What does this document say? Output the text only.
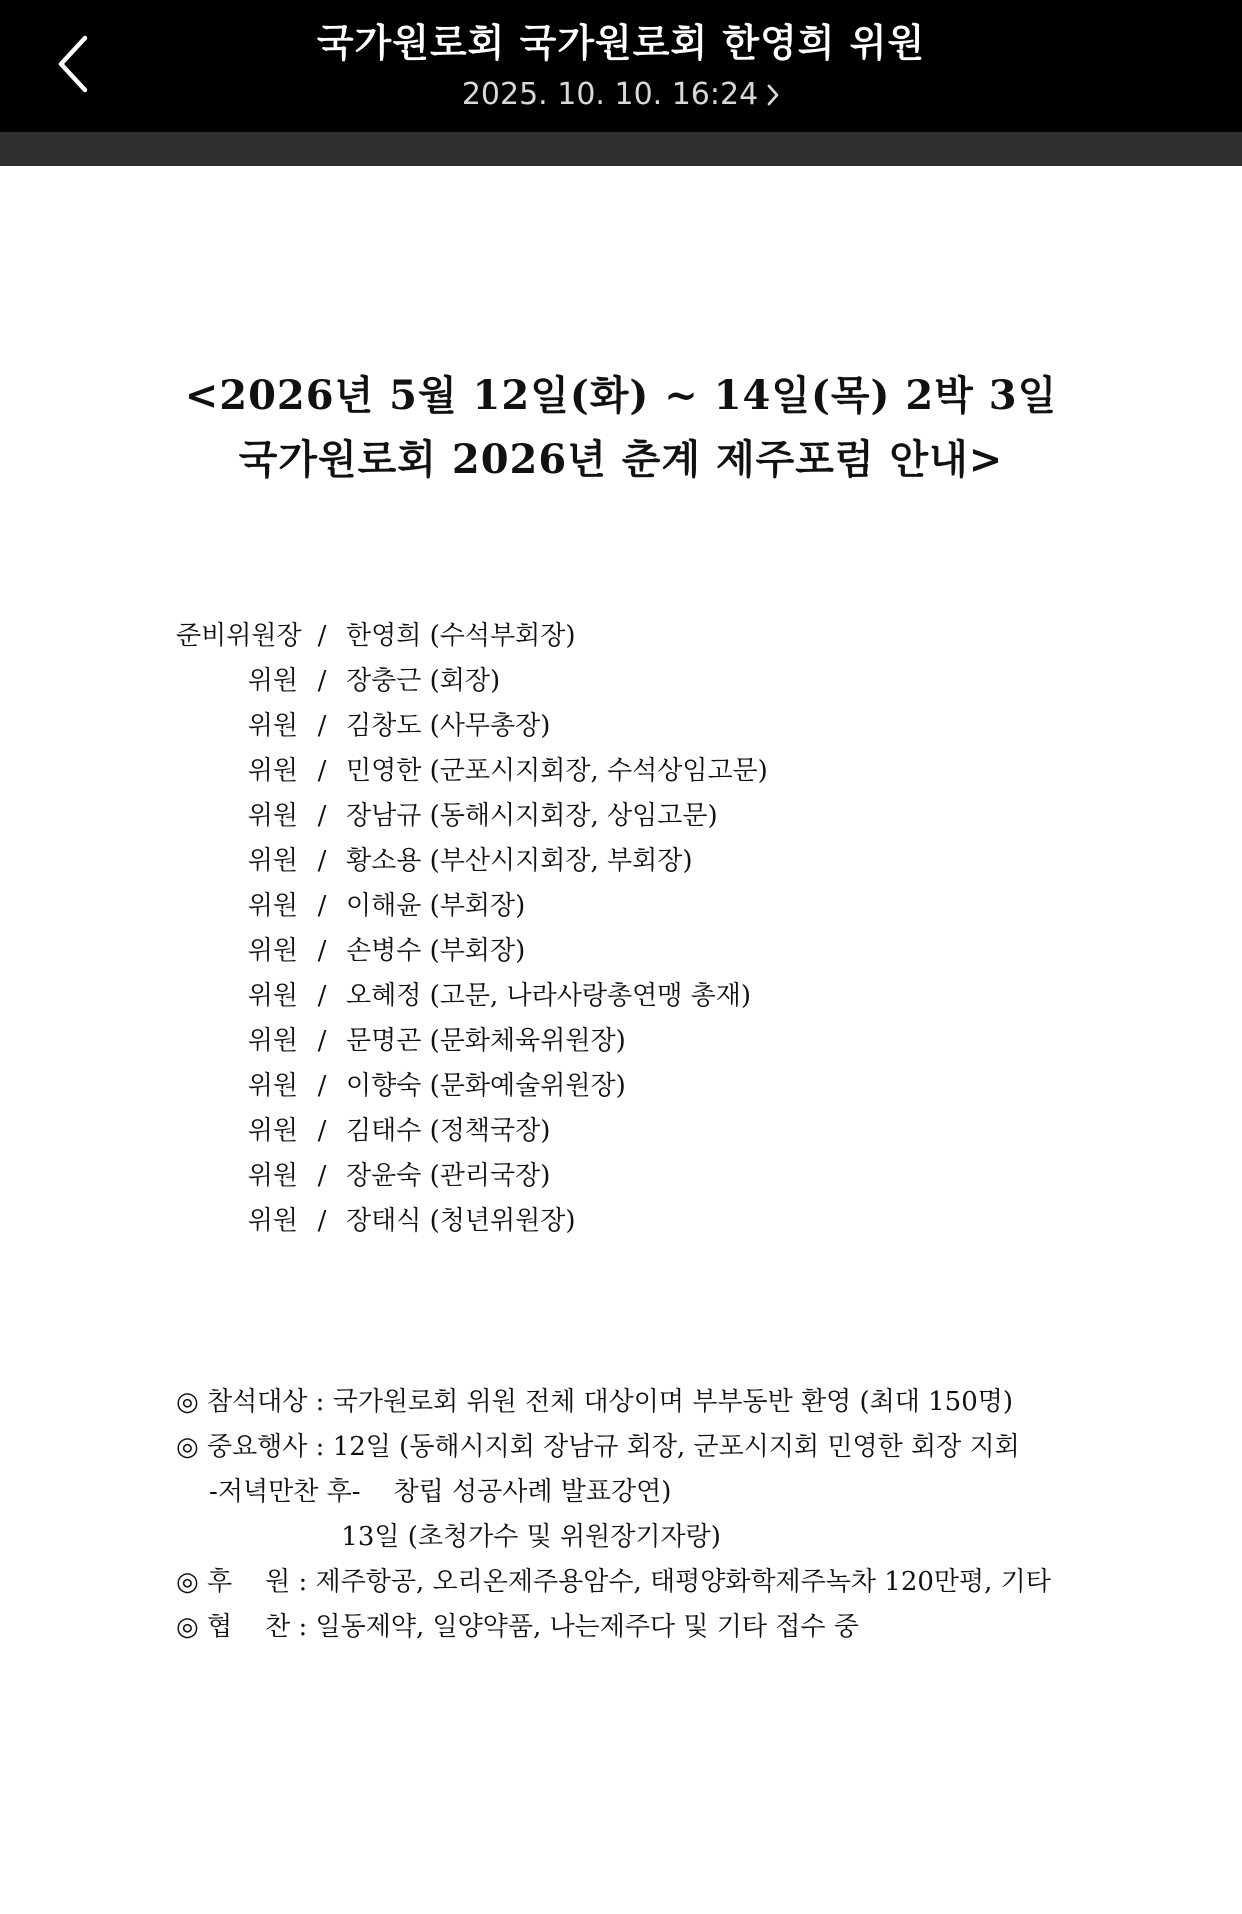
국가원로회 국가원로회 한영희 위원
2025. 10. 10. 16:24
<2026년 5월 12일(화) ~ 14일(목) 2박 3일
국가원로회 2026년 춘계 제주포럼 안내>
준비위원장 / 한영희 (수석부회장)
위원 / 장충근 (회장)
위원 / 김창도 (사무총장)
위원 / 민영한 (군포시지회장, 수석상임고문)
위원 / 장남규 (동해시지회장, 상임고문)
위원 / 황소용 (부산시지회장, 부회장)
위원 / 이해윤 (부회장)
위원 / 손병수 (부회장)
위원 / 오혜정 (고문, 나라사랑총연맹 총재)
위원 / 문명곤 (문화체육위원장)
위원 / 이향숙 (문화예술위원장)
위원 / 김태수 (정책국장)
위원 / 장윤숙 (관리국장)
위원 / 장태식 (청년위원장)
◎ 참석대상 : 국가원로회 위원 전체 대상이며 부부동반 환영 (최대 150명)
◎ 중요행사 : 12일 (동해시지회 장남규 회장, 군포시지회 민영한 회장 지회
-저녁만찬 후-    창립 성공사례 발표강연)
13일 (초청가수 및 위원장기자랑)
◎ 후    원 : 제주항공, 오리온제주용암수, 태평양화학제주녹차 120만평, 기타
◎ 협    찬 : 일동제약, 일양약품, 나는제주다 및 기타 접수 중
